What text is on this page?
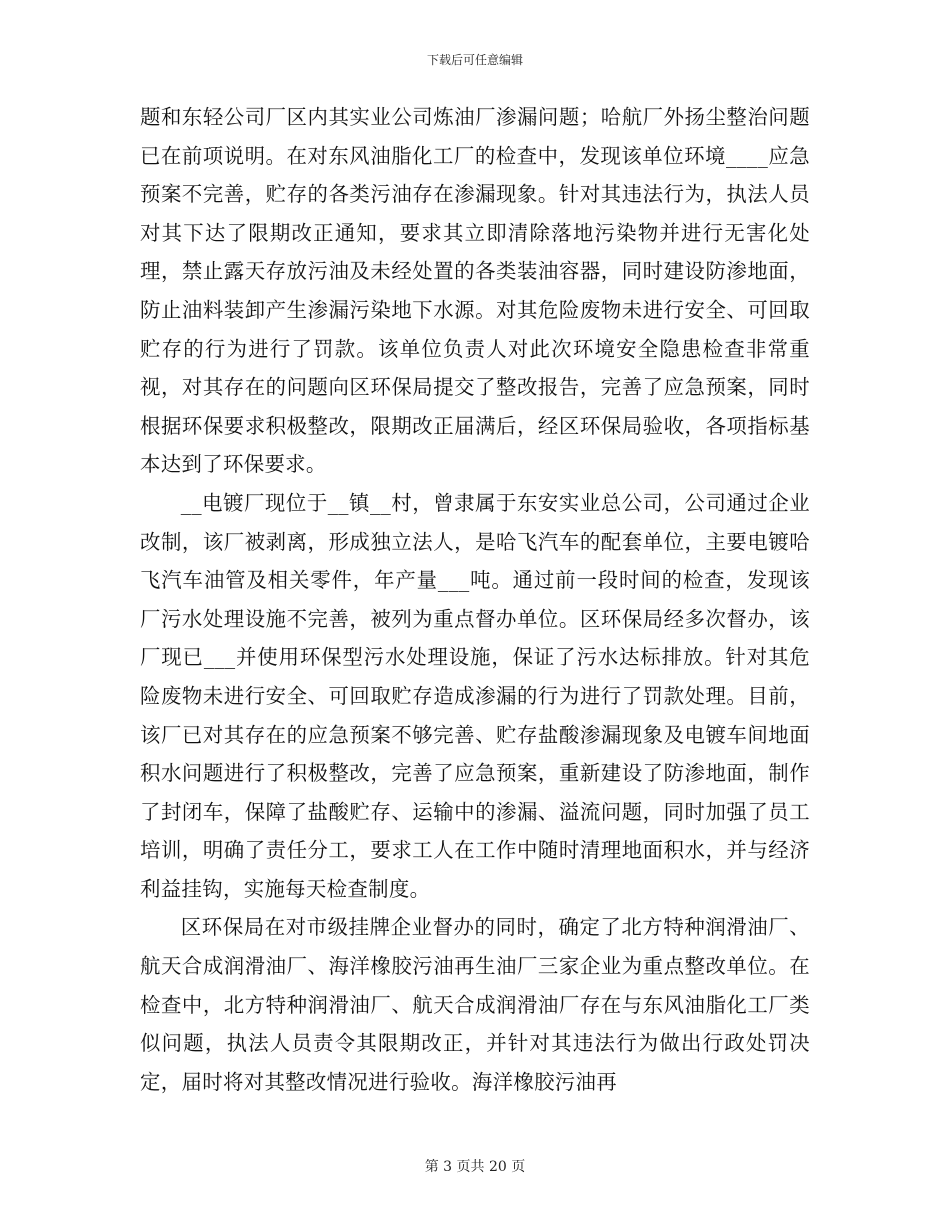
下载后可任意编辑

题和东轻公司厂区内其实业公司炼油厂渗漏问题；哈航厂外扬尘整治问题已在前项说明。在对东风油脂化工厂的检查中，发现该单位环境____应急预案不完善，贮存的各类污油存在渗漏现象。针对其违法行为，执法人员对其下达了限期改正通知，要求其立即清除落地污染物并进行无害化处理，禁止露天存放污油及未经处置的各类装油容器，同时建设防渗地面，防止油料装卸产生渗漏污染地下水源。对其危险废物未进行安全、可回取贮存的行为进行了罚款。该单位负责人对此次环境安全隐患检查非常重视，对其存在的问题向区环保局提交了整改报告，完善了应急预案，同时根据环保要求积极整改，限期改正届满后，经区环保局验收，各项指标基本达到了环保要求。

__电镀厂现位于__镇__村，曾隶属于东安实业总公司，公司通过企业改制，该厂被剥离，形成独立法人，是哈飞汽车的配套单位，主要电镀哈飞汽车油管及相关零件，年产量___吨。通过前一段时间的检查，发现该厂污水处理设施不完善，被列为重点督办单位。区环保局经多次督办，该厂现已___并使用环保型污水处理设施，保证了污水达标排放。针对其危险废物未进行安全、可回取贮存造成渗漏的行为进行了罚款处理。目前，该厂已对其存在的应急预案不够完善、贮存盐酸渗漏现象及电镀车间地面积水问题进行了积极整改，完善了应急预案，重新建设了防渗地面，制作了封闭车，保障了盐酸贮存、运输中的渗漏、溢流问题，同时加强了员工培训，明确了责任分工，要求工人在工作中随时清理地面积水，并与经济利益挂钩，实施每天检查制度。

区环保局在对市级挂牌企业督办的同时，确定了北方特种润滑油厂、航天合成润滑油厂、海洋橡胶污油再生油厂三家企业为重点整改单位。在检查中，北方特种润滑油厂、航天合成润滑油厂存在与东风油脂化工厂类似问题，执法人员责令其限期改正，并针对其违法行为做出行政处罚决定，届时将对其整改情况进行验收。海洋橡胶污油再

第 3 页共 20 页
